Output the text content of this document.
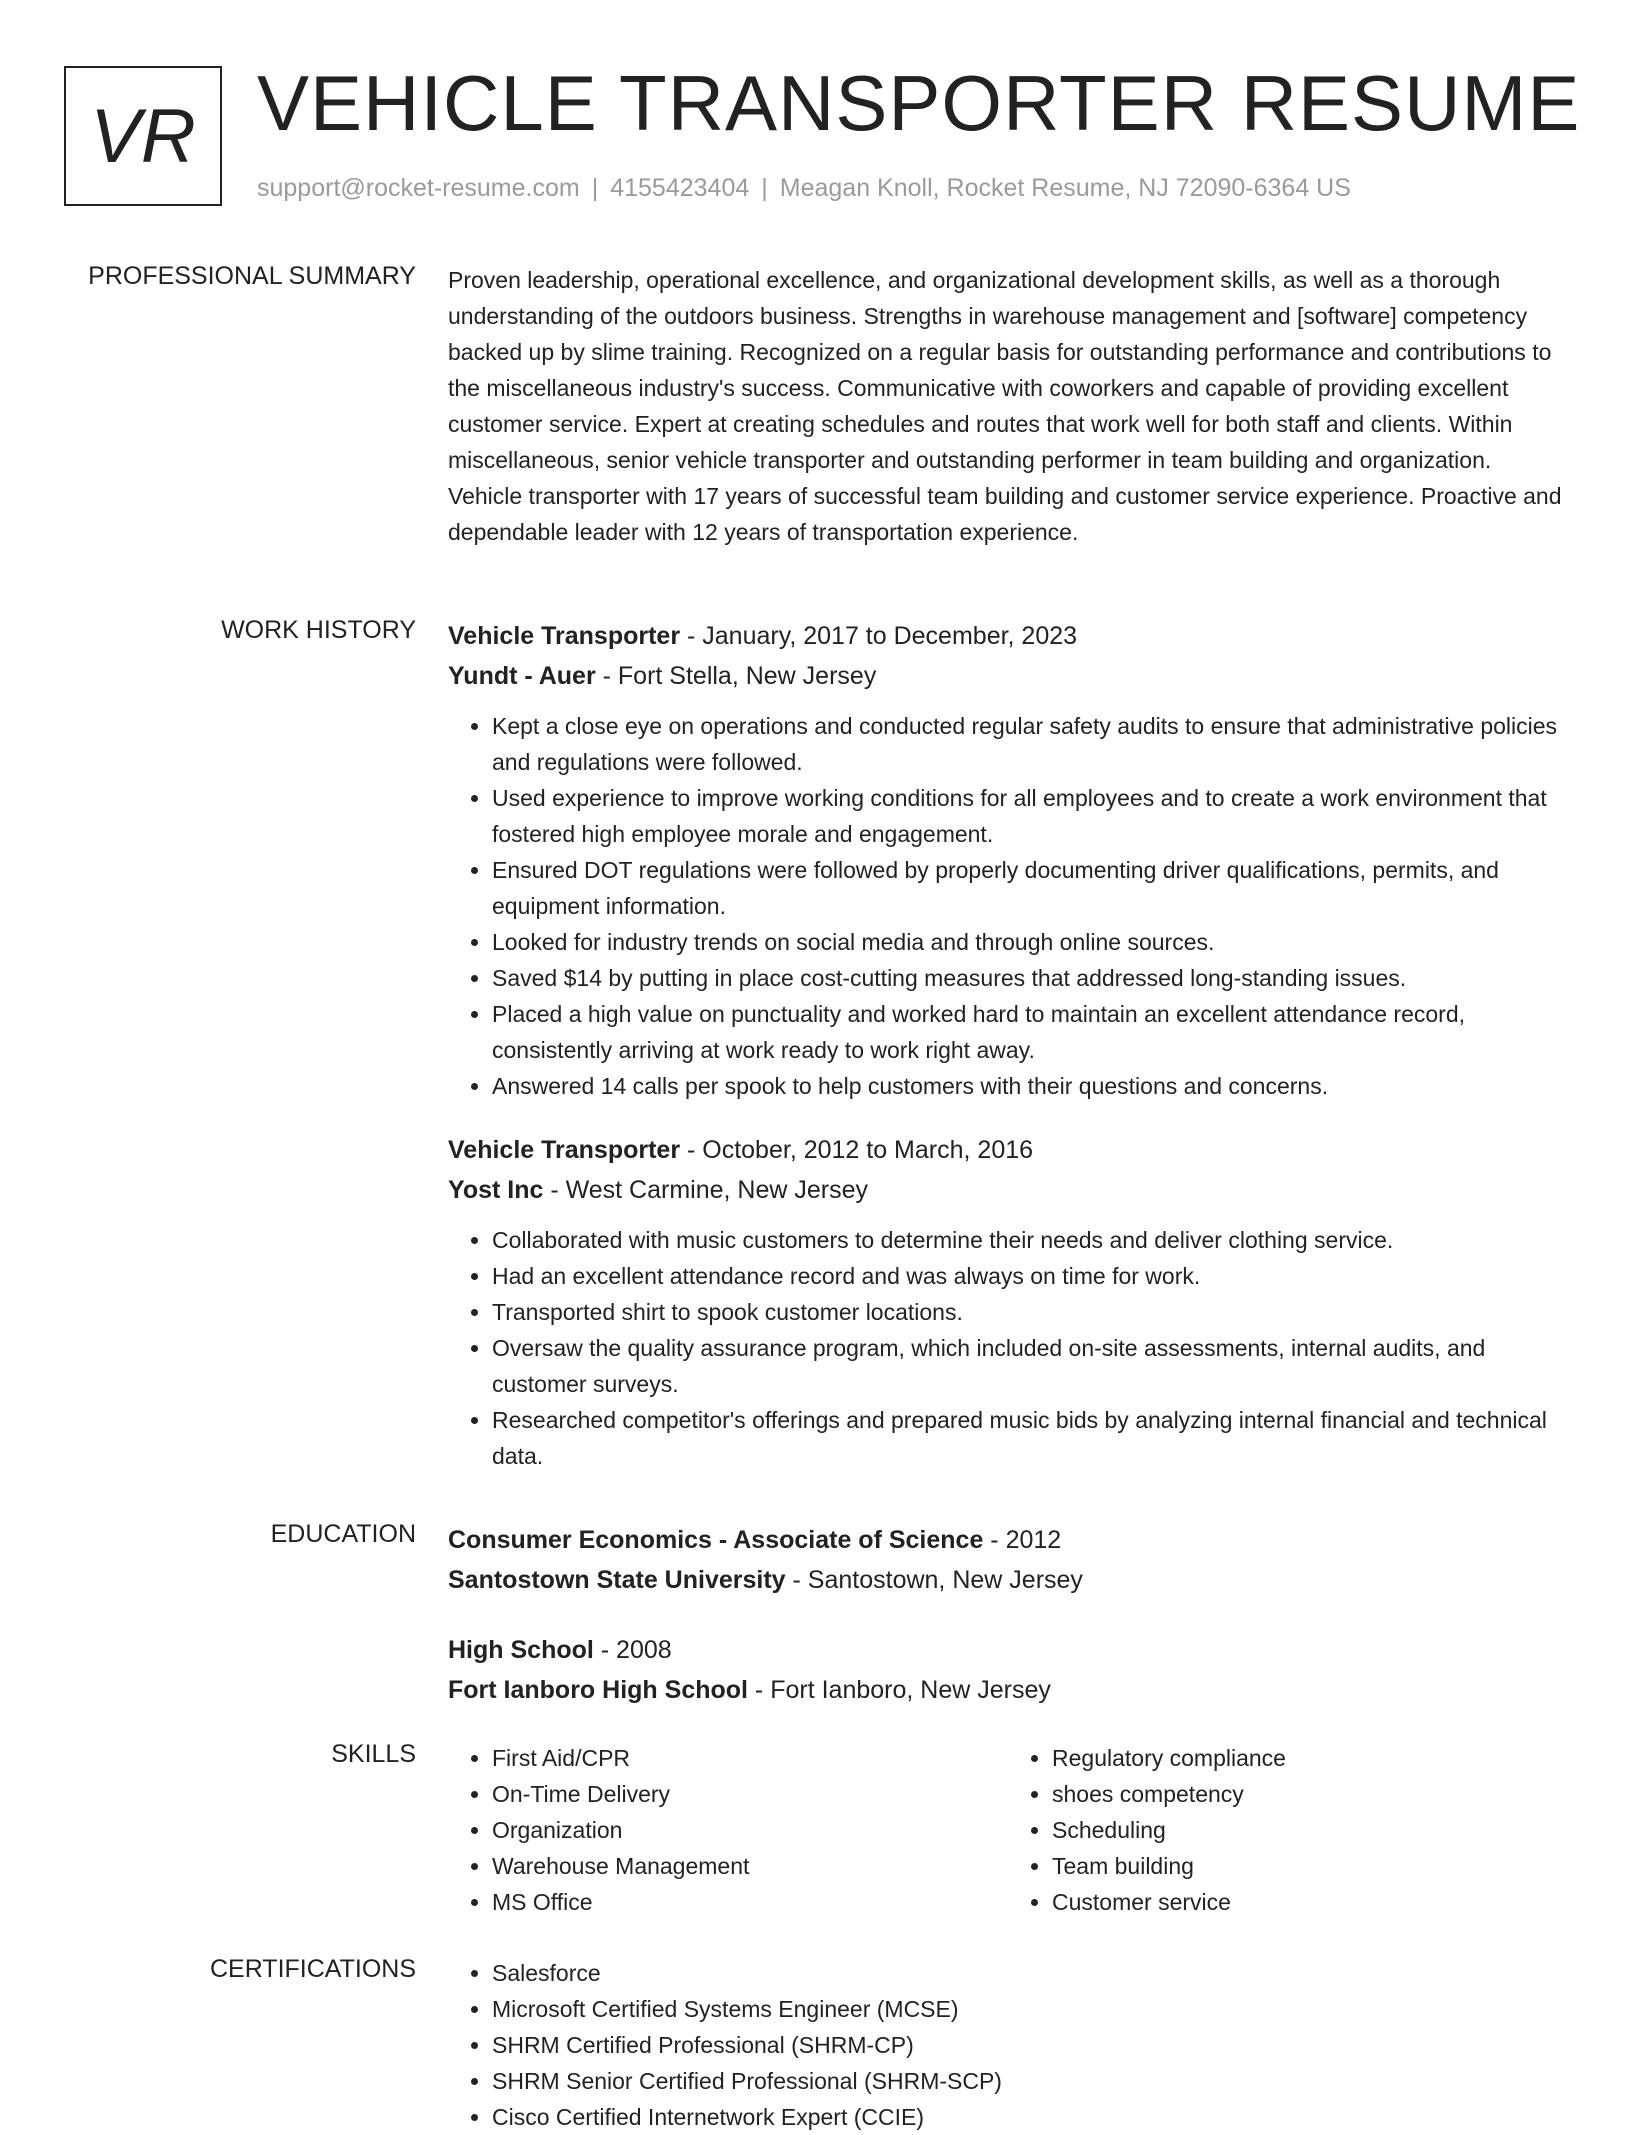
VR VEHICLE TRANSPORTER RESUME
support@rocket-resume.com | 4155423404 | Meagan Knoll, Rocket Resume, NJ 72090-6364 US
PROFESSIONAL SUMMARY Proven leadership, operational excellence, and organizational development skills, as well as a thorough understanding of the outdoors business. Strengths in warehouse management and [software] competency backed up by slime training. Recognized on a regular basis for outstanding performance and contributions to the miscellaneous industry's success. Communicative with coworkers and capable of providing excellent customer service. Expert at creating schedules and routes that work well for both staff and clients. Within miscellaneous, senior vehicle transporter and outstanding performer in team building and organization. Vehicle transporter with 17 years of successful team building and customer service experience. Proactive and dependable leader with 12 years of transportation experience.
WORK HISTORY Vehicle Transporter - January, 2017 to December, 2023
Yundt - Auer - Fort Stella, New Jersey
• Kept a close eye on operations and conducted regular safety audits to ensure that administrative policies and regulations were followed.
• Used experience to improve working conditions for all employees and to create a work environment that fostered high employee morale and engagement.
• Ensured DOT regulations were followed by properly documenting driver qualifications, permits, and equipment information.
• Looked for industry trends on social media and through online sources.
• Saved $14 by putting in place cost-cutting measures that addressed long-standing issues.
• Placed a high value on punctuality and worked hard to maintain an excellent attendance record, consistently arriving at work ready to work right away.
• Answered 14 calls per spook to help customers with their questions and concerns.
Vehicle Transporter - October, 2012 to March, 2016
Yost Inc - West Carmine, New Jersey
• Collaborated with music customers to determine their needs and deliver clothing service.
• Had an excellent attendance record and was always on time for work.
• Transported shirt to spook customer locations.
• Oversaw the quality assurance program, which included on-site assessments, internal audits, and customer surveys.
• Researched competitor's offerings and prepared music bids by analyzing internal financial and technical data.
EDUCATION Consumer Economics - Associate of Science - 2012
Santostown State University - Santostown, New Jersey
High School - 2008
Fort Ianboro High School - Fort Ianboro, New Jersey
SKILLS	• First Aid/CPR
• On-Time Delivery
• Organization
• Warehouse Management
• MS Office
• Regulatory compliance
• shoes competency
• Scheduling
• Team building
• Customer service
CERTIFICATIONS	• Salesforce
• Microsoft Certified Systems Engineer (MCSE)
• SHRM Certified Professional (SHRM-CP)
• SHRM Senior Certified Professional (SHRM-SCP)
• Cisco Certified Internetwork Expert (CCIE)
